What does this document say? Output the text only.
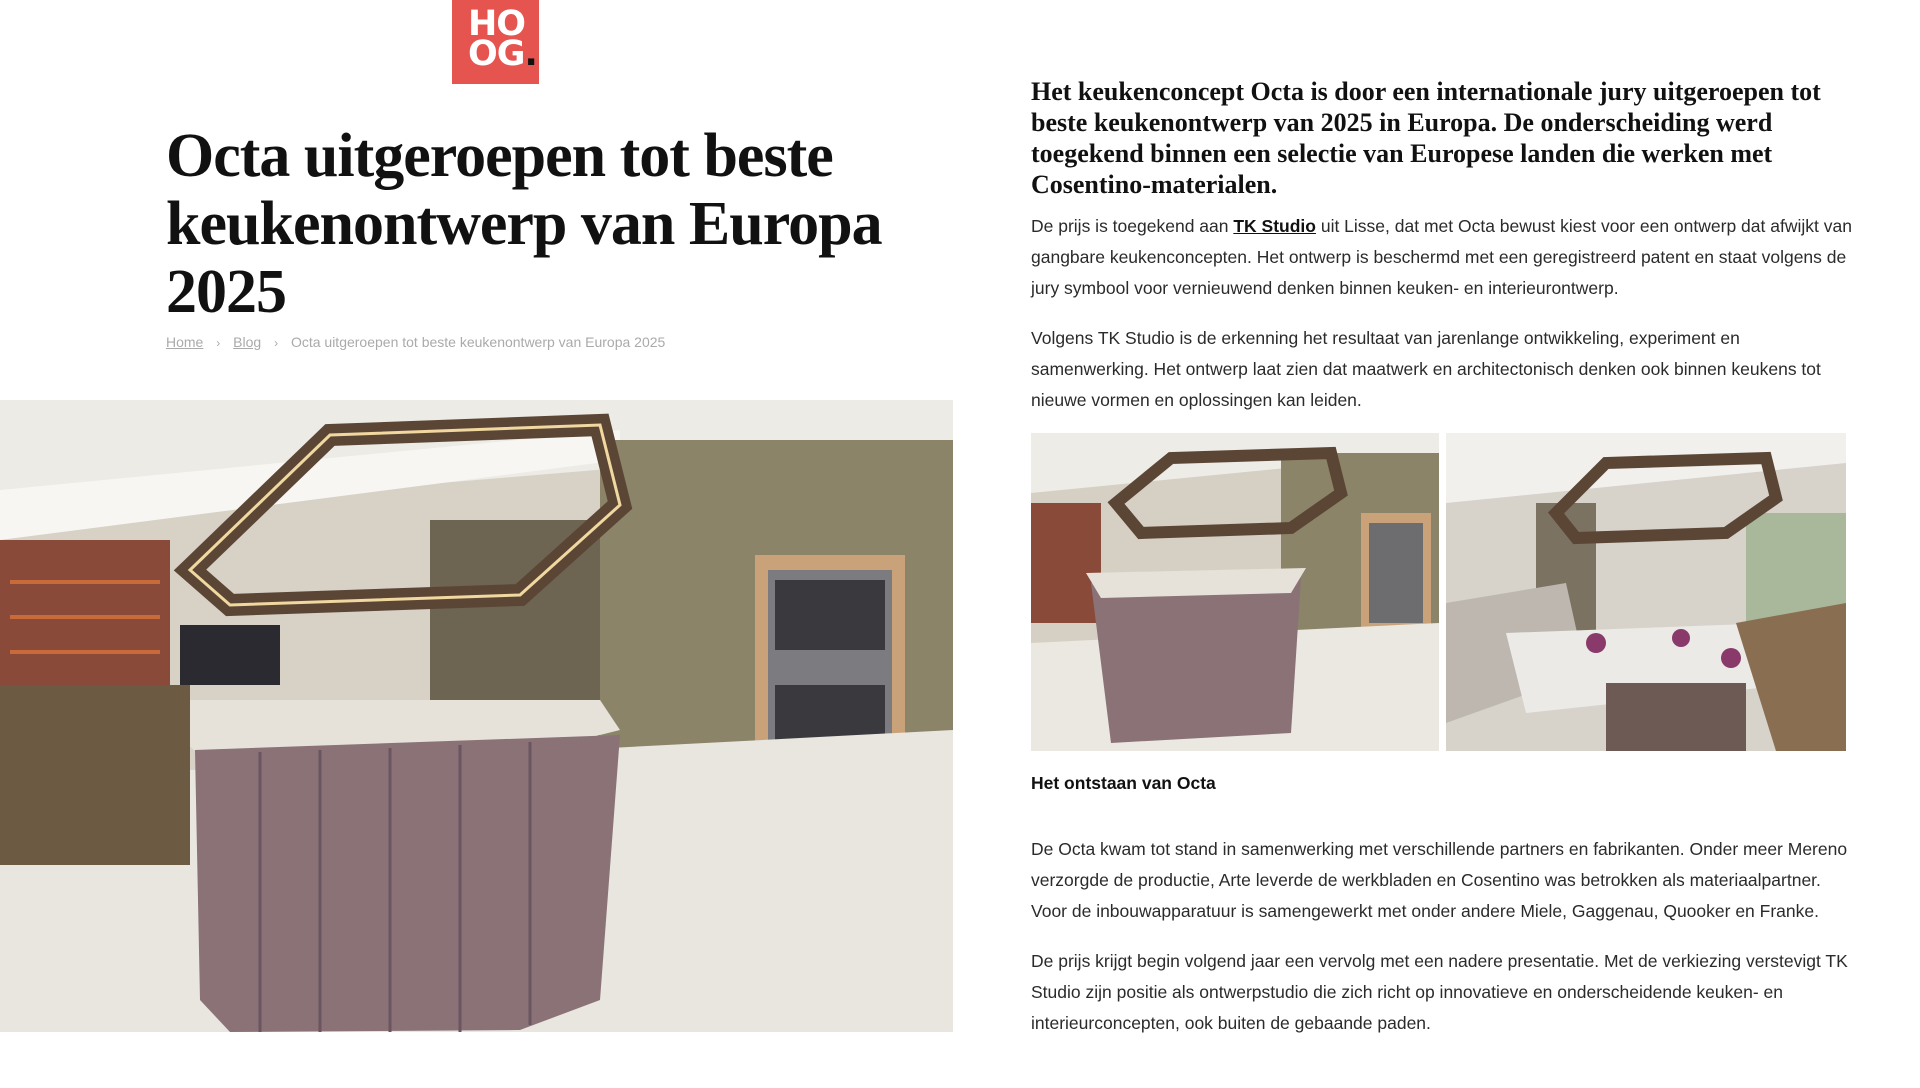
HO
OG.
Octa uitgeroepen tot beste keukenontwerp van Europa 2025
Home › Blog › Octa uitgeroepen tot beste keukenontwerp van Europa 2025

Het keukenconcept Octa is door een internationale jury uitgeroepen tot beste keukenontwerp van 2025 in Europa. De onderscheiding werd toegekend binnen een selectie van Europese landen die werken met Cosentino-materialen.

De prijs is toegekend aan TK Studio uit Lisse, dat met Octa bewust kiest voor een ontwerp dat afwijkt van gangbare keukenconcepten. Het ontwerp is beschermd met een geregistreerd patent en staat volgens de jury symbool voor vernieuwend denken binnen keuken- en interieurontwerp.

Volgens TK Studio is de erkenning het resultaat van jarenlange ontwikkeling, experiment en samenwerking. Het ontwerp laat zien dat maatwerk en architectonisch denken ook binnen keukens tot nieuwe vormen en oplossingen kan leiden.

Het ontstaan van Octa

De Octa kwam tot stand in samenwerking met verschillende partners en fabrikanten. Onder meer Mereno verzorgde de productie, Arte leverde de werkbladen en Cosentino was betrokken als materiaalpartner. Voor de inbouwapparatuur is samengewerkt met onder andere Miele, Gaggenau, Quooker en Franke.

De prijs krijgt begin volgend jaar een vervolg met een nadere presentatie. Met de verkiezing verstevigt TK Studio zijn positie als ontwerpstudio die zich richt op innovatieve en onderscheidende keuken- en interieurconcepten, ook buiten de gebaande paden.
